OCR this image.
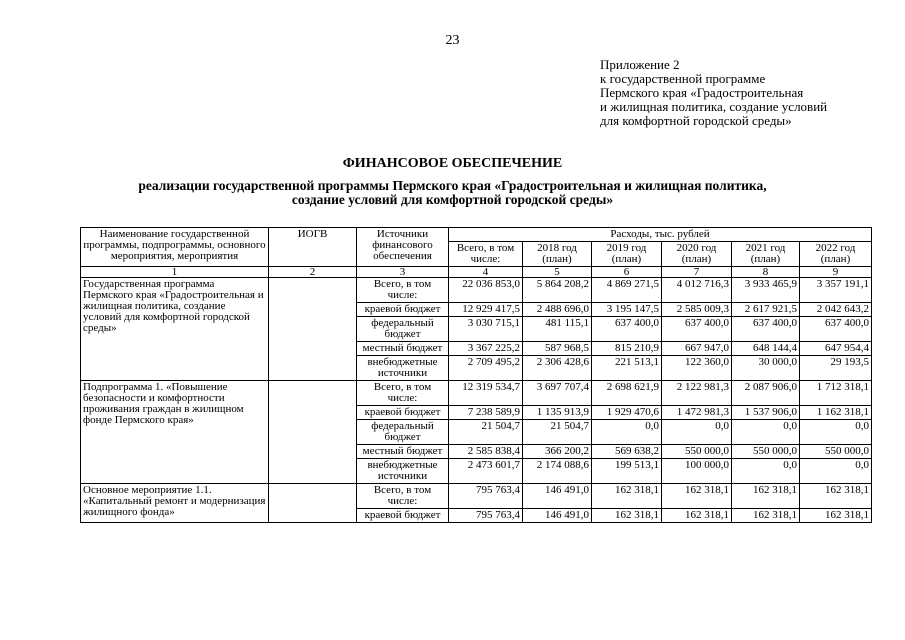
23
Приложение 2
к государственной программе
Пермского края «Градостроительная
и жилищная политика, создание условий
для комфортной городской среды»
ФИНАНСОВОЕ ОБЕСПЕЧЕНИЕ
реализации государственной программы Пермского края «Градостроительная и жилищная политика,
создание условий для комфортной городской среды»
Наименование государственной программы, подпрограммы, основного мероприятия, мероприятия	ИОГВ	Источники финансового обеспечения	Расходы, тыс. рублей					
			Всего, в том числе:	2018 год (план)	2019 год (план)	2020 год (план)	2021 год (план)	2022 год (план)
1	2	3	4	5	6	7	8	9
Государственная программа Пермского края «Градостроительная и жилищная политика, создание условий для комфортной городской среды»		Всего, в том числе:	22 036 853,0	5 864 208,2	4 869 271,5	4 012 716,3	3 933 465,9	3 357 191,1
		краевой бюджет	12 929 417,5	2 488 696,0	3 195 147,5	2 585 009,3	2 617 921,5	2 042 643,2
		федеральный бюджет	3 030 715,1	481 115,1	637 400,0	637 400,0	637 400,0	637 400,0
		местный бюджет	3 367 225,2	587 968,5	815 210,9	667 947,0	648 144,4	647 954,4
		внебюджетные источники	2 709 495,2	2 306 428,6	221 513,1	122 360,0	30 000,0	29 193,5
Подпрограмма 1. «Повышение безопасности и комфортности проживания граждан в жилищном фонде Пермского края»		Всего, в том числе:	12 319 534,7	3 697 707,4	2 698 621,9	2 122 981,3	2 087 906,0	1 712 318,1
		краевой бюджет	7 238 589,9	1 135 913,9	1 929 470,6	1 472 981,3	1 537 906,0	1 162 318,1
		федеральный бюджет	21 504,7	21 504,7	0,0	0,0	0,0	0,0
		местный бюджет	2 585 838,4	366 200,2	569 638,2	550 000,0	550 000,0	550 000,0
		внебюджетные источники	2 473 601,7	2 174 088,6	199 513,1	100 000,0	0,0	0,0
Основное мероприятие 1.1. «Капитальный ремонт и модернизация жилищного фонда»		Всего, в том числе:	795 763,4	146 491,0	162 318,1	162 318,1	162 318,1	162 318,1
		краевой бюджет	795 763,4	146 491,0	162 318,1	162 318,1	162 318,1	162 318,1
